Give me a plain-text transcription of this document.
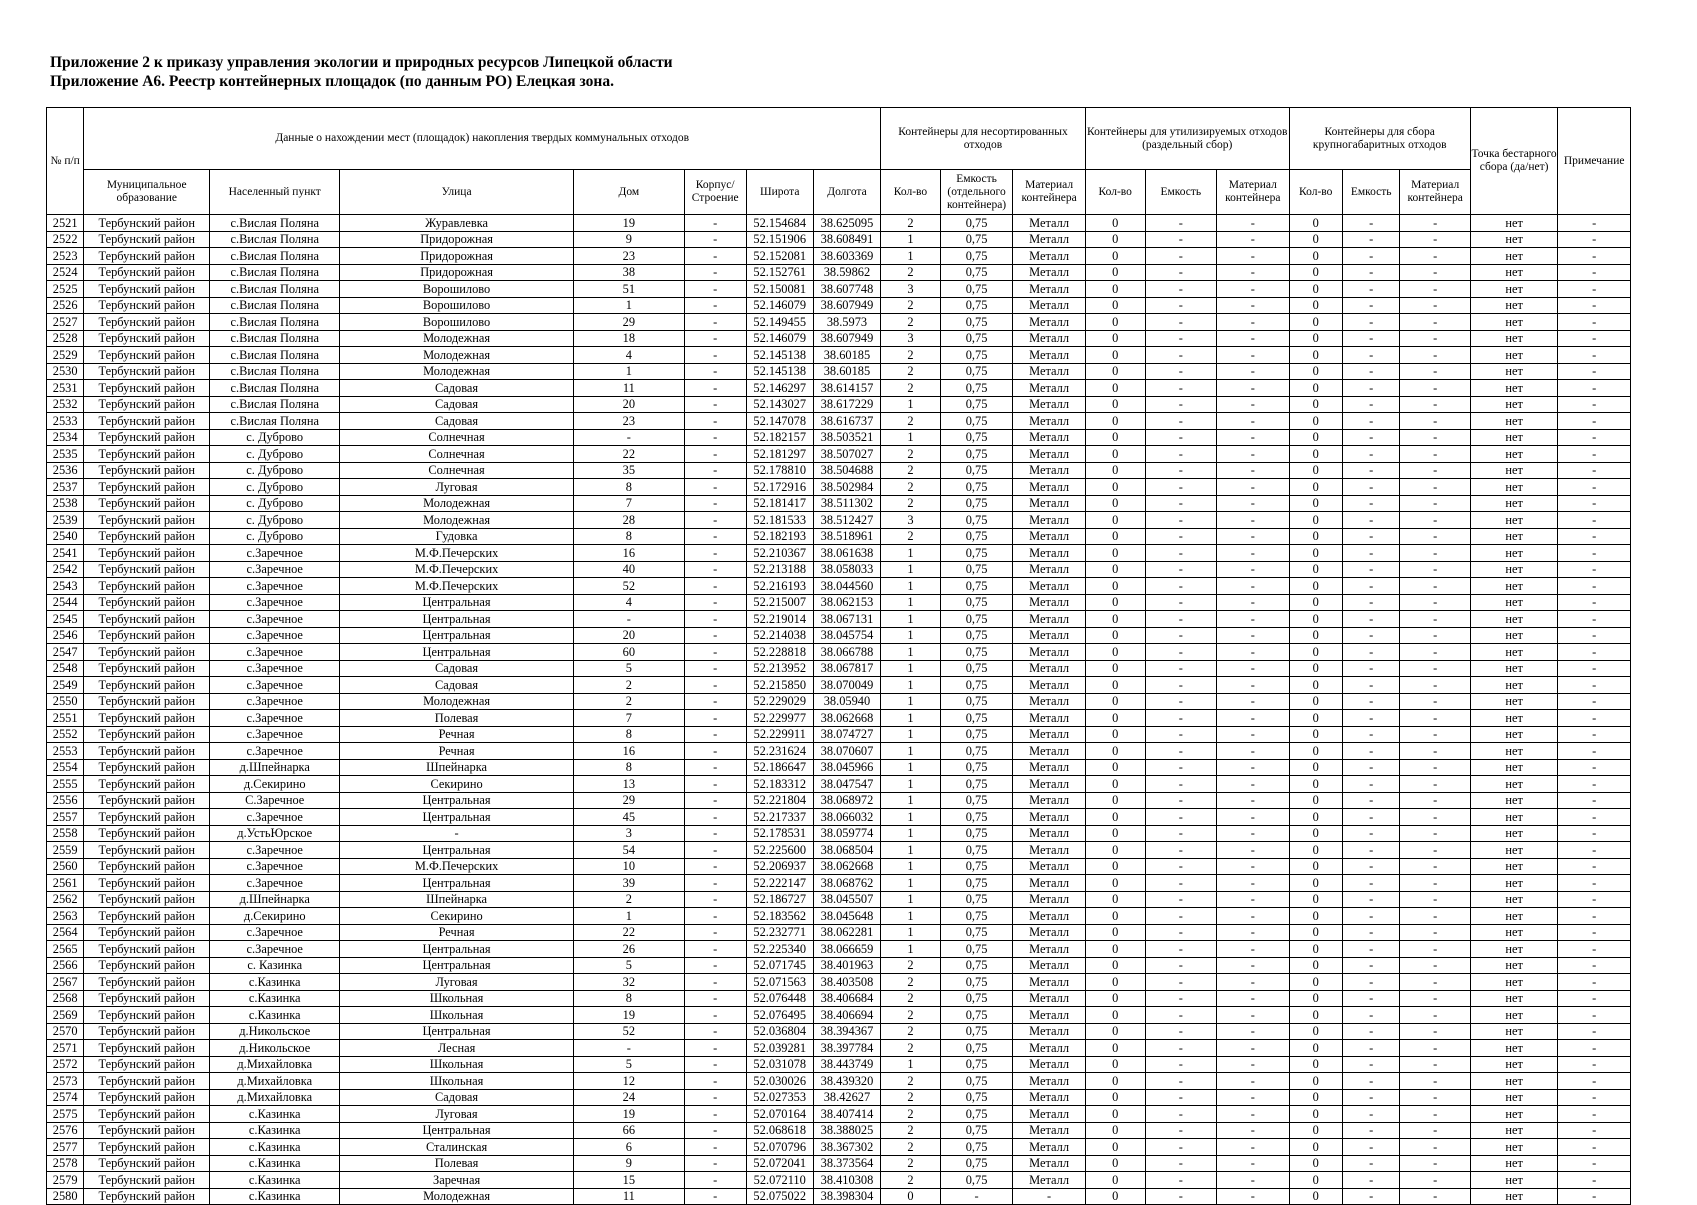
Приложение 2 к приказу управления экологии и природных ресурсов Липецкой области
Приложение А6. Реестр контейнерных площадок (по данным РО) Елецкая зона.
№ п/п	Данные о нахождении мест (площадок) накопления твердых коммунальных отходов							Контейнеры для несортированных отходов			Контейнеры для утилизируемых отходов (раздельный сбор)			Контейнеры для сбора крупногабаритных отходов			Точка бестарного сбора (да/нет)	Примечание
	Муниципальное образование	Населенный пункт	Улица	Дом	Корпус/ Строение	Широта	Долгота	Кол-во	Емкость (отдельного контейнера)	Материал контейнера	Кол-во	Емкость	Материал контейнера	Кол-во	Емкость	Материал контейнера		
2521	Тербунский район	с.Вислая Поляна	Журавлевка	19	-	52.154684	38.625095	2	0,75	Металл	0	-	-	0	-	-	нет	-
2522	Тербунский район	с.Вислая Поляна	Придорожная	9	-	52.151906	38.608491	1	0,75	Металл	0	-	-	0	-	-	нет	-
2523	Тербунский район	с.Вислая Поляна	Придорожная	23	-	52.152081	38.603369	1	0,75	Металл	0	-	-	0	-	-	нет	-
2524	Тербунский район	с.Вислая Поляна	Придорожная	38	-	52.152761	38.59862	2	0,75	Металл	0	-	-	0	-	-	нет	-
2525	Тербунский район	с.Вислая Поляна	Ворошилово	51	-	52.150081	38.607748	3	0,75	Металл	0	-	-	0	-	-	нет	-
2526	Тербунский район	с.Вислая Поляна	Ворошилово	1	-	52.146079	38.607949	2	0,75	Металл	0	-	-	0	-	-	нет	-
2527	Тербунский район	с.Вислая Поляна	Ворошилово	29	-	52.149455	38.5973	2	0,75	Металл	0	-	-	0	-	-	нет	-
2528	Тербунский район	с.Вислая Поляна	Молодежная	18	-	52.146079	38.607949	3	0,75	Металл	0	-	-	0	-	-	нет	-
2529	Тербунский район	с.Вислая Поляна	Молодежная	4	-	52.145138	38.60185	2	0,75	Металл	0	-	-	0	-	-	нет	-
2530	Тербунский район	с.Вислая Поляна	Молодежная	1	-	52.145138	38.60185	2	0,75	Металл	0	-	-	0	-	-	нет	-
2531	Тербунский район	с.Вислая Поляна	Садовая	11	-	52.146297	38.614157	2	0,75	Металл	0	-	-	0	-	-	нет	-
2532	Тербунский район	с.Вислая Поляна	Садовая	20	-	52.143027	38.617229	1	0,75	Металл	0	-	-	0	-	-	нет	-
2533	Тербунский район	с.Вислая Поляна	Садовая	23	-	52.147078	38.616737	2	0,75	Металл	0	-	-	0	-	-	нет	-
2534	Тербунский район	с. Дуброво	Солнечная	-	-	52.182157	38.503521	1	0,75	Металл	0	-	-	0	-	-	нет	-
2535	Тербунский район	с. Дуброво	Солнечная	22	-	52.181297	38.507027	2	0,75	Металл	0	-	-	0	-	-	нет	-
2536	Тербунский район	с. Дуброво	Солнечная	35	-	52.178810	38.504688	2	0,75	Металл	0	-	-	0	-	-	нет	-
2537	Тербунский район	с. Дуброво	Луговая	8	-	52.172916	38.502984	2	0,75	Металл	0	-	-	0	-	-	нет	-
2538	Тербунский район	с. Дуброво	Молодежная	7	-	52.181417	38.511302	2	0,75	Металл	0	-	-	0	-	-	нет	-
2539	Тербунский район	с. Дуброво	Молодежная	28	-	52.181533	38.512427	3	0,75	Металл	0	-	-	0	-	-	нет	-
2540	Тербунский район	с. Дуброво	Гудовка	8	-	52.182193	38.518961	2	0,75	Металл	0	-	-	0	-	-	нет	-
2541	Тербунский район	с.Заречное	М.Ф.Печерских	16	-	52.210367	38.061638	1	0,75	Металл	0	-	-	0	-	-	нет	-
2542	Тербунский район	с.Заречное	М.Ф.Печерских	40	-	52.213188	38.058033	1	0,75	Металл	0	-	-	0	-	-	нет	-
2543	Тербунский район	с.Заречное	М.Ф.Печерских	52	-	52.216193	38.044560	1	0,75	Металл	0	-	-	0	-	-	нет	-
2544	Тербунский район	с.Заречное	Центральная	4	-	52.215007	38.062153	1	0,75	Металл	0	-	-	0	-	-	нет	-
2545	Тербунский район	с.Заречное	Центральная	-	-	52.219014	38.067131	1	0,75	Металл	0	-	-	0	-	-	нет	-
2546	Тербунский район	с.Заречное	Центральная	20	-	52.214038	38.045754	1	0,75	Металл	0	-	-	0	-	-	нет	-
2547	Тербунский район	с.Заречное	Центральная	60	-	52.228818	38.066788	1	0,75	Металл	0	-	-	0	-	-	нет	-
2548	Тербунский район	с.Заречное	Садовая	5	-	52.213952	38.067817	1	0,75	Металл	0	-	-	0	-	-	нет	-
2549	Тербунский район	с.Заречное	Садовая	2	-	52.215850	38.070049	1	0,75	Металл	0	-	-	0	-	-	нет	-
2550	Тербунский район	с.Заречное	Молодежная	2	-	52.229029	38.05940	1	0,75	Металл	0	-	-	0	-	-	нет	-
2551	Тербунский район	с.Заречное	Полевая	7	-	52.229977	38.062668	1	0,75	Металл	0	-	-	0	-	-	нет	-
2552	Тербунский район	с.Заречное	Речная	8	-	52.229911	38.074727	1	0,75	Металл	0	-	-	0	-	-	нет	-
2553	Тербунский район	с.Заречное	Речная	16	-	52.231624	38.070607	1	0,75	Металл	0	-	-	0	-	-	нет	-
2554	Тербунский район	д.Шпейнарка	Шпейнарка	8	-	52.186647	38.045966	1	0,75	Металл	0	-	-	0	-	-	нет	-
2555	Тербунский район	д.Секирино	Секирино	13	-	52.183312	38.047547	1	0,75	Металл	0	-	-	0	-	-	нет	-
2556	Тербунский район	С.Заречное	Центральная	29	-	52.221804	38.068972	1	0,75	Металл	0	-	-	0	-	-	нет	-
2557	Тербунский район	с.Заречное	Центральная	45	-	52.217337	38.066032	1	0,75	Металл	0	-	-	0	-	-	нет	-
2558	Тербунский район	д.УстьЮрское	-	3	-	52.178531	38.059774	1	0,75	Металл	0	-	-	0	-	-	нет	-
2559	Тербунский район	с.Заречное	Центральная	54	-	52.225600	38.068504	1	0,75	Металл	0	-	-	0	-	-	нет	-
2560	Тербунский район	с.Заречное	М.Ф.Печерских	10	-	52.206937	38.062668	1	0,75	Металл	0	-	-	0	-	-	нет	-
2561	Тербунский район	с.Заречное	Центральная	39	-	52.222147	38.068762	1	0,75	Металл	0	-	-	0	-	-	нет	-
2562	Тербунский район	д.Шпейнарка	Шпейнарка	2	-	52.186727	38.045507	1	0,75	Металл	0	-	-	0	-	-	нет	-
2563	Тербунский район	д.Секирино	Секирино	1	-	52.183562	38.045648	1	0,75	Металл	0	-	-	0	-	-	нет	-
2564	Тербунский район	с.Заречное	Речная	22	-	52.232771	38.062281	1	0,75	Металл	0	-	-	0	-	-	нет	-
2565	Тербунский район	с.Заречное	Центральная	26	-	52.225340	38.066659	1	0,75	Металл	0	-	-	0	-	-	нет	-
2566	Тербунский район	с. Казинка	Центральная	5	-	52.071745	38.401963	2	0,75	Металл	0	-	-	0	-	-	нет	-
2567	Тербунский район	с.Казинка	Луговая	32	-	52.071563	38.403508	2	0,75	Металл	0	-	-	0	-	-	нет	-
2568	Тербунский район	с.Казинка	Школьная	8	-	52.076448	38.406684	2	0,75	Металл	0	-	-	0	-	-	нет	-
2569	Тербунский район	с.Казинка	Школьная	19	-	52.076495	38.406694	2	0,75	Металл	0	-	-	0	-	-	нет	-
2570	Тербунский район	д.Никольское	Центральная	52	-	52.036804	38.394367	2	0,75	Металл	0	-	-	0	-	-	нет	-
2571	Тербунский район	д.Никольское	Лесная	-	-	52.039281	38.397784	2	0,75	Металл	0	-	-	0	-	-	нет	-
2572	Тербунский район	д.Михайловка	Школьная	5	-	52.031078	38.443749	1	0,75	Металл	0	-	-	0	-	-	нет	-
2573	Тербунский район	д.Михайловка	Школьная	12	-	52.030026	38.439320	2	0,75	Металл	0	-	-	0	-	-	нет	-
2574	Тербунский район	д.Михайловка	Садовая	24	-	52.027353	38.42627	2	0,75	Металл	0	-	-	0	-	-	нет	-
2575	Тербунский район	с.Казинка	Луговая	19	-	52.070164	38.407414	2	0,75	Металл	0	-	-	0	-	-	нет	-
2576	Тербунский район	с.Казинка	Центральная	66	-	52.068618	38.388025	2	0,75	Металл	0	-	-	0	-	-	нет	-
2577	Тербунский район	с.Казинка	Сталинская	6	-	52.070796	38.367302	2	0,75	Металл	0	-	-	0	-	-	нет	-
2578	Тербунский район	с.Казинка	Полевая	9	-	52.072041	38.373564	2	0,75	Металл	0	-	-	0	-	-	нет	-
2579	Тербунский район	с.Казинка	Заречная	15	-	52.072110	38.410308	2	0,75	Металл	0	-	-	0	-	-	нет	-
2580	Тербунский район	с.Казинка	Молодежная	11	-	52.075022	38.398304	0	-	-	0	-	-	0	-	-	нет	-
